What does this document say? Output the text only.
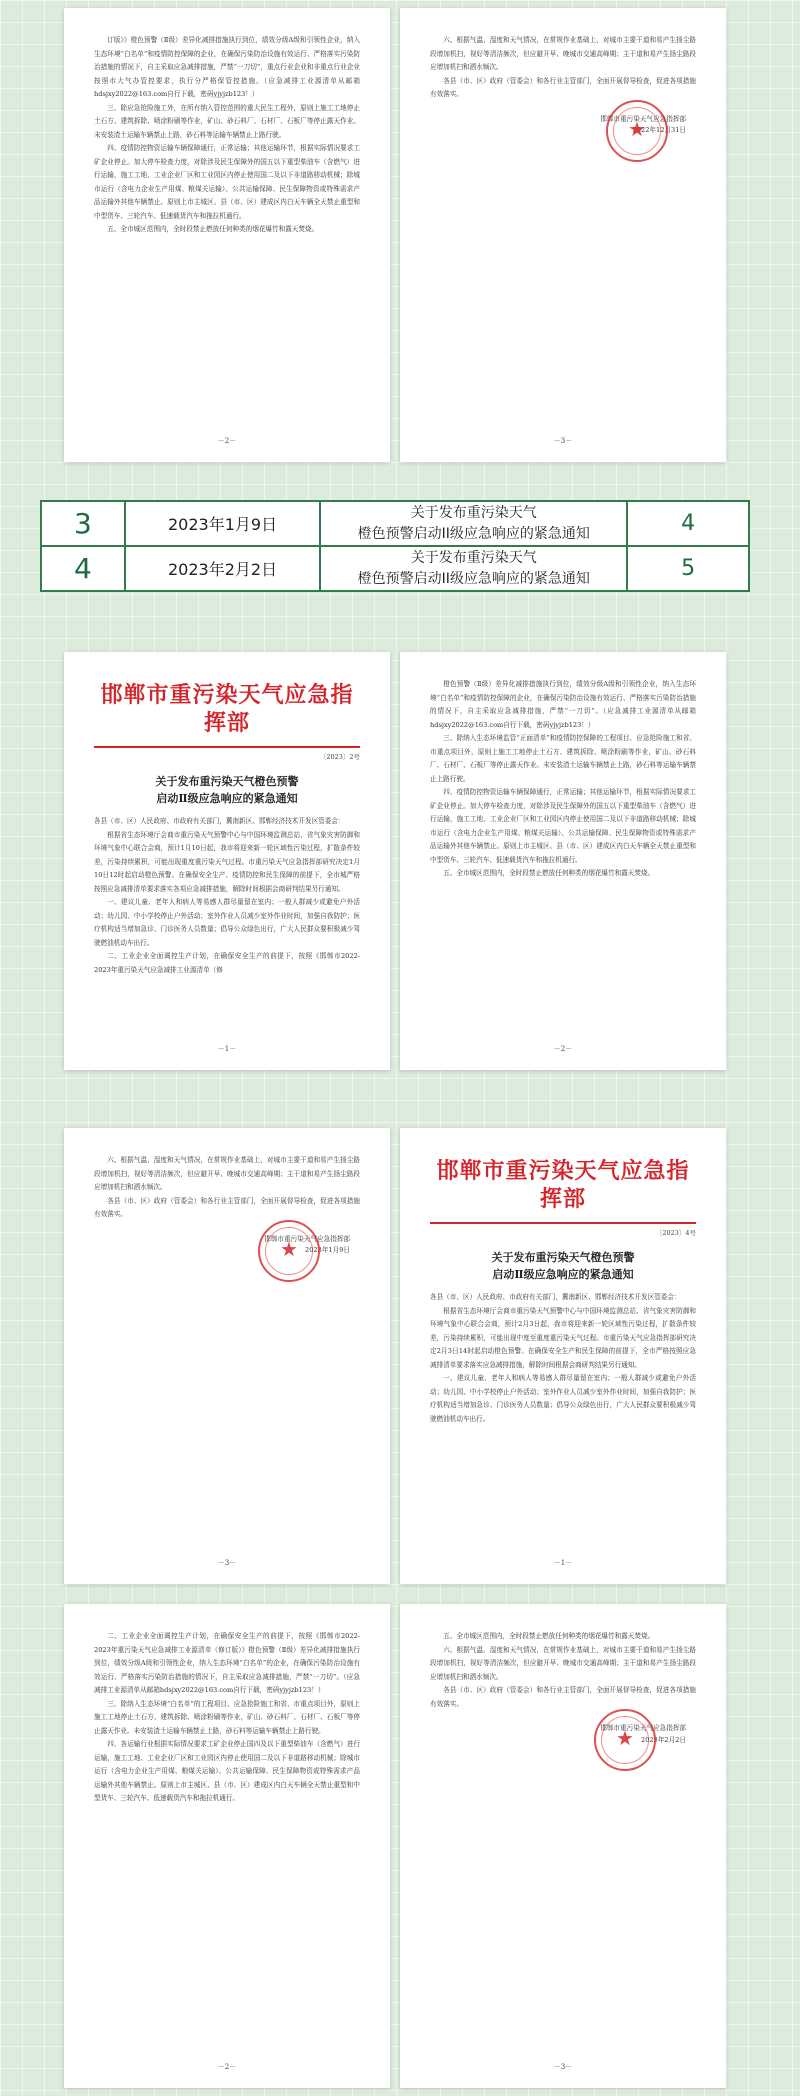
订版》》橙色预警（Ⅱ级）差异化减排措施执行到位，绩效分级A级和引领性企业，纳入生态环境“白名单”和疫情防控保障的企业，在确保污染防治设施有效运行、严格落实污染防治措施的情况下，自主采取应急减排措施，严禁“一刀切”，重点行业企业和非重点行业企业按照市大气办管控要求，执行分严格保管控措施。（应急减排工业源清单从邮箱hdsjxy2022@163.com自行下载，密码yjyjzb123！）

三、除应急抢险施工外，在所有纳入管控范围的重大民生工程外，原则上施工工地停止土石方、建筑拆除、喷涂粉刷等作业，矿山、砂石料厂、石材厂、石板厂等停止露天作业。未安装渣土运输车辆禁止上路，砂石料等运输车辆禁止上路行驶。

四、疫情防控物资运输车辆保障通行，正常运输；其他运输环节，根据实际情况要求工矿企业停止。加大停车检查力度，对除涉及民生保障外的国五以下重型柴油车（含燃气）进行运输，施工工地、工业企业厂区和工业园区内停止使用国二及以下非道路移动机械；除城市运行（含电力企业生产用煤、粮煤关运输）、公共运输保障、民生保障物资或特殊需求产品运输外其他车辆禁止。原则上市主城区、县（市、区）建成区内白天车辆全天禁止重型和中型货车、三轮汽车、低速载货汽车和拖拉机通行。

五、全市城区范围内，全时段禁止燃放任何种类的烟花爆竹和露天焚烧。

－2－

六、根据气温、湿度和天气情况，在常规作业基础上，对城市主要干道和易产生扬尘路段增加机扫，视好等清洁频次，但应避开早、晚城市交通高峰期；主干道和易产生扬尘路段应增加机扫和洒水频次。

各县（市、区）政府（管委会）和各行业主管部门，全面开展督导检查，促进各项措施有效落实。

★
邯郸市重污染天气应急指挥部
2022年12月31日
－3－
3	2023年1月9日	关于发布重污染天气
橙色预警启动II级应急响应的紧急通知	4
4	2023年2月2日	关于发布重污染天气
橙色预警启动II级应急响应的紧急通知	5
邯郸市重污染天气应急指挥部
〔2023〕2号
关于发布重污染天气橙色预警
启动Ⅱ级应急响应的紧急通知

各县（市、区）人民政府、市政府有关部门，冀南新区、邯郸经济技术开发区管委会：

根据省生态环境厅会商市重污染天气预警中心与中国环境监测总站、省气象灾害防御和环境气象中心联合会商，预计1月10日起，我市将迎来新一轮区域性污染过程，扩散条件较差，污染持续累积，可能出现重度重污染天气过程。市重污染天气应急指挥部研究决定1月10日12时起启动橙色预警。在确保安全生产、疫情防控和民生保障的前提下，全市城严格按照应急减排清单要求落实各项应急减排措施，解除时间根据会商研判结果另行通知。

一、建议儿童、老年人和病人等易感人群尽量留在室内；一般人群减少或避免户外活动；幼儿园、中小学校停止户外活动；室外作业人员减少室外作业时间，加强自我防护；医疗机构适当增加急诊、门诊医务人员数量；倡导公众绿色出行，广大人民群众要积极减少驾驶燃油机动车出行。

二、工业企业全面调控生产计划，在确保安全生产的前提下，按照《邯郸市2022-2023年重污染天气应急减排工业源清单（修

－1－

橙色预警（Ⅱ级）差异化减排措施执行到位，绩效分级A级和引领性企业，纳入生态环境“白名单”和疫情防控保障的企业，在确保污染防治设施有效运行、严格落实污染防治措施的情况下，自主采取应急减排措施，严禁“一刀切”。（应急减排工业源清单从邮箱hdsjxy2022@163.com自行下载，密码yjyjzb123！）

三、除纳入生态环境监管“正面清单”和疫情防控保障的工程项目、应急抢险施工和省、市重点项目外，原则上施工工地停止土石方、建筑拆除、喷涂粉刷等作业，矿山、砂石料厂、石材厂、石板厂等停止露天作业。未安装渣土运输车辆禁止上路，砂石料等运输车辆禁止上路行驶。

四、疫情防控物资运输车辆保障通行，正常运输；其他运输环节，根据实际情况要求工矿企业停止。加大停车检查力度，对除涉及民生保障外的国五以下重型柴油车（含燃气）进行运输，施工工地、工业企业厂区和工业园区内停止使用国二及以下非道路移动机械；除城市运行（含电力企业生产用煤、粮煤关运输）、公共运输保障、民生保障物资或特殊需求产品运输外其他车辆禁止。原则上市主城区、县（市、区）建成区内白天车辆全天禁止重型和中型货车、三轮汽车、低速载货汽车和拖拉机通行。

五、全市城区范围内，全时段禁止燃放任何种类的烟花爆竹和露天焚烧。

－2－

六、根据气温、湿度和天气情况，在常规作业基础上，对城市主要干道和易产生扬尘路段增加机扫，视好等清洁频次，但应避开早、晚城市交通高峰期；主干道和易产生扬尘路段应增加机扫和洒水频次。

各县（市、区）政府（管委会）和各行业主管部门，全面开展督导检查，促进各项措施有效落实。

★
邯郸市重污染天气应急指挥部
2023年1月9日
－3－
邯郸市重污染天气应急指挥部
〔2023〕4号
关于发布重污染天气橙色预警
启动Ⅱ级应急响应的紧急通知

各县（市、区）人民政府、市政府有关部门，冀南新区、邯郸经济技术开发区管委会：

根据省生态环境厅会商市重污染天气预警中心与中国环境监测总站、省气象灾害防御和环境气象中心联合会商，预计2月3日起，我市将迎来新一轮区域性污染过程，扩散条件较差，污染持续累积，可能出现中度至重度重污染天气过程。市重污染天气应急指挥部研究决定2月3日14时起启动橙色预警。在确保安全生产和民生保障的前提下，全市严格按照应急减排清单要求落实应急减排措施，解除时间根据会商研判结果另行通知。

一、建议儿童、老年人和病人等易感人群尽量留在室内；一般人群减少或避免户外活动；幼儿园、中小学校停止户外活动；室外作业人员减少室外作业时间，加强自我防护；医疗机构适当增加急诊、门诊医务人员数量；倡导公众绿色出行，广大人民群众要积极减少驾驶燃油机动车出行。

－1－

二、工业企业全面调控生产计划，在确保安全生产的前提下，按照《邯郸市2022-2023年重污染天气应急减排工业源清单（修订版）》橙色预警（Ⅱ级）差异化减排措施执行到位，绩效分级A级和引领性企业，纳入生态环境“白名单”的企业，在确保污染防治设施有效运行、严格落实污染防治措施的情况下，自主采取应急减排措施，严禁“一刀切”。（应急减排工业源清单从邮箱hdsjxy2022@163.com自行下载，密码yjyjzb123！）

三、除纳入生态环境“白名单”的工程项目、应急抢险施工和省、市重点项目外，原则上施工工地停止土石方、建筑拆除、喷涂粉刷等作业，矿山、砂石料厂、石材厂、石板厂等停止露天作业。未安装渣土运输车辆禁止上路，砂石料等运输车辆禁止上路行驶。

四、各运输行业根据实际情况要求工矿企业停止国四及以下重型柴油车（含燃气）进行运输，施工工地、工业企业厂区和工业园区内停止使用国二及以下非道路移动机械；除城市运行（含电力企业生产用煤、粮煤关运输）、公共运输保障、民生保障物资或特殊需求产品运输外其他车辆禁止。原则上市主城区、县（市、区）建成区内白天车辆全天禁止重型和中型货车、三轮汽车、低速载货汽车和拖拉机通行。

－2－

五、全市城区范围内，全时段禁止燃放任何种类的烟花爆竹和露天焚烧。

六、根据气温、湿度和天气情况，在常规作业基础上，对城市主要干道和易产生扬尘路段增加机扫，视好等清洁频次，但应避开早、晚城市交通高峰期；主干道和易产生扬尘路段应增加机扫和洒水频次。

各县（市、区）政府（管委会）和各行业主管部门，全面开展督导检查，促进各项措施有效落实。

★
邯郸市重污染天气应急指挥部
2023年2月2日
－3－
